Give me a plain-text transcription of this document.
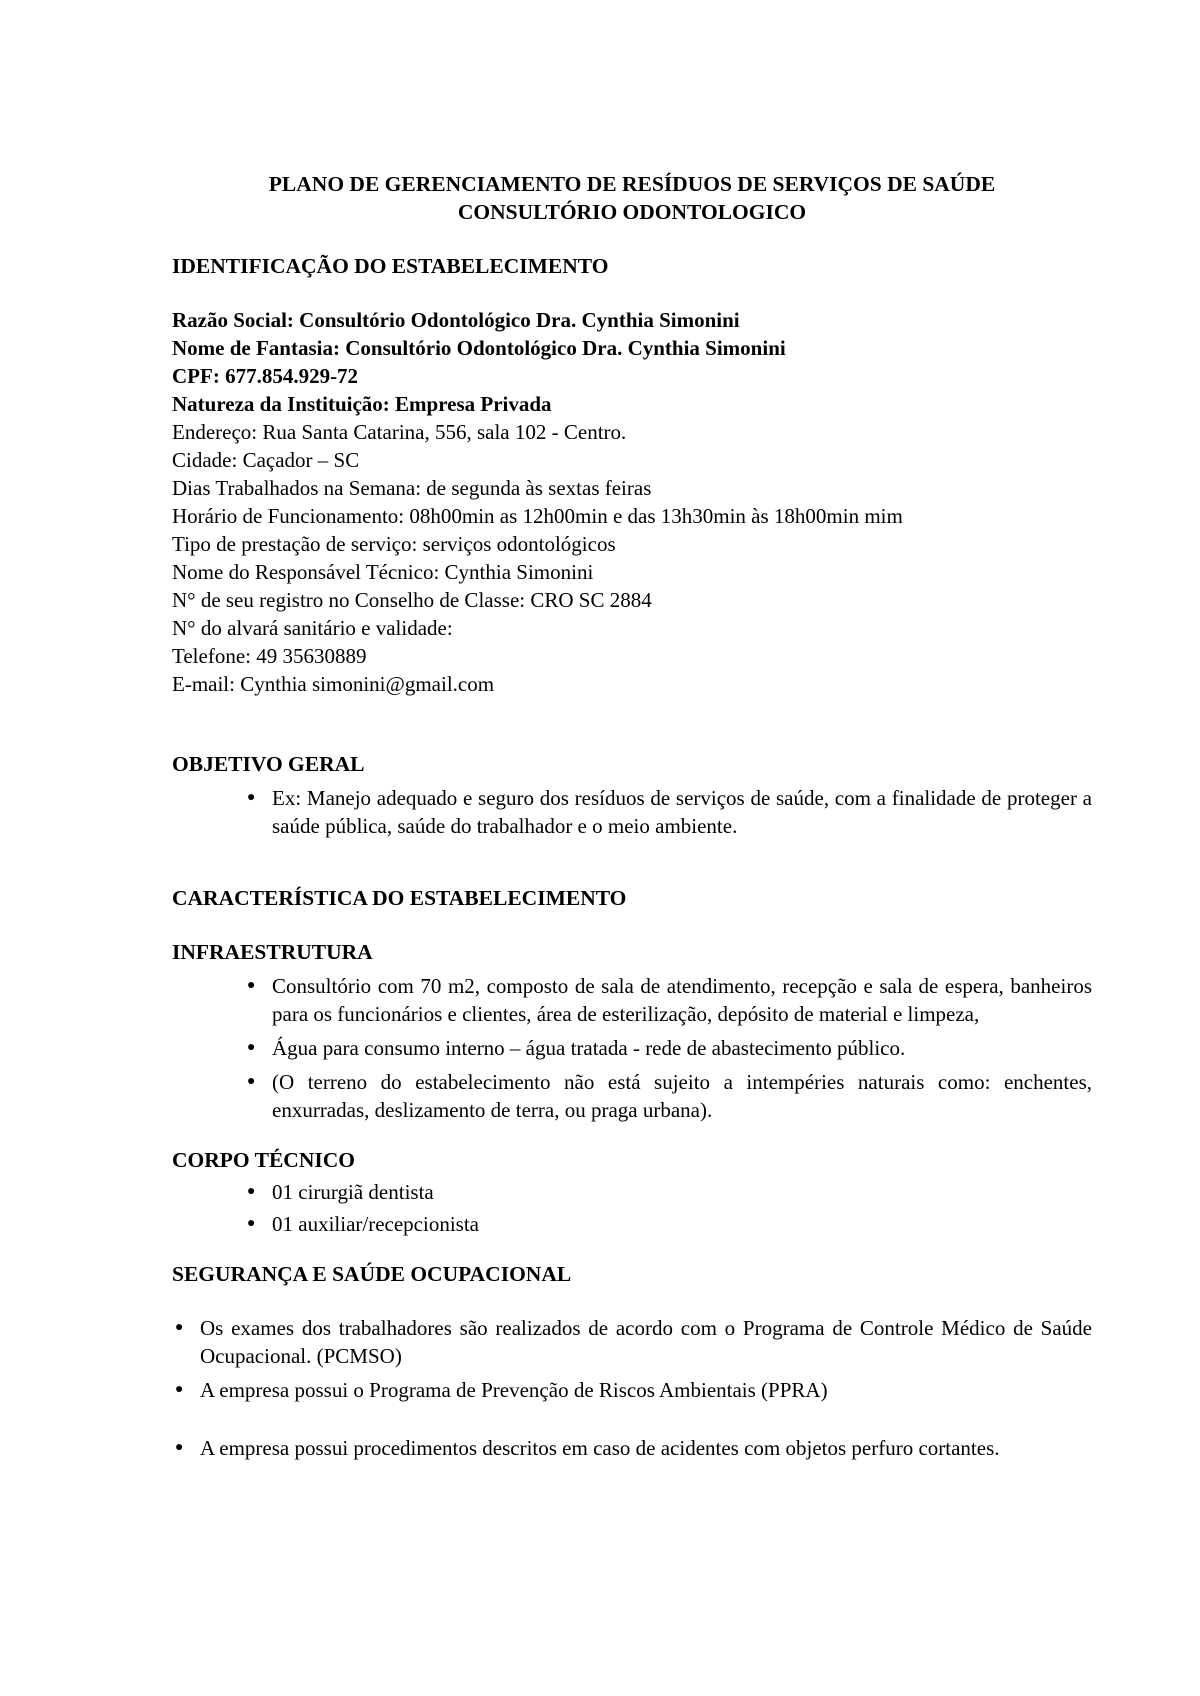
PLANO DE GERENCIAMENTO DE RESÍDUOS DE SERVIÇOS DE SAÚDE
CONSULTÓRIO ODONTOLOGICO
IDENTIFICAÇÃO DO ESTABELECIMENTO
Razão Social: Consultório Odontológico Dra. Cynthia Simonini
Nome de Fantasia: Consultório Odontológico Dra. Cynthia Simonini
CPF: 677.854.929-72
Natureza da Instituição: Empresa Privada
Endereço: Rua Santa Catarina, 556, sala 102 - Centro.
Cidade: Caçador – SC
Dias Trabalhados na Semana: de segunda às sextas feiras
Horário de Funcionamento: 08h00min as 12h00min e das 13h30min às 18h00min mim
Tipo de prestação de serviço: serviços odontológicos
Nome do Responsável Técnico: Cynthia Simonini
N° de seu registro no Conselho de Classe: CRO SC 2884
N° do alvará sanitário e validade:
Telefone: 49 35630889
E-mail: Cynthia simonini@gmail.com
OBJETIVO GERAL
● Ex: Manejo adequado e seguro dos resíduos de serviços de saúde, com a finalidade de proteger a saúde pública, saúde do trabalhador e o meio ambiente.
CARACTERÍSTICA DO ESTABELECIMENTO
INFRAESTRUTURA
● Consultório com 70 m2, composto de sala de atendimento, recepção e sala de espera, banheiros para os funcionários e clientes, área de esterilização, depósito de material e limpeza,
● Água para consumo interno – água tratada - rede de abastecimento público.
● (O terreno do estabelecimento não está sujeito a intempéries naturais como: enchentes, enxurradas, deslizamento de terra, ou praga urbana).
CORPO TÉCNICO
● 01 cirurgiã dentista
● 01 auxiliar/recepcionista
SEGURANÇA E SAÚDE OCUPACIONAL
● Os exames dos trabalhadores são realizados de acordo com o Programa de Controle Médico de Saúde Ocupacional. (PCMSO)
● A empresa possui o Programa de Prevenção de Riscos Ambientais (PPRA)
● A empresa possui procedimentos descritos em caso de acidentes com objetos perfuro cortantes.
